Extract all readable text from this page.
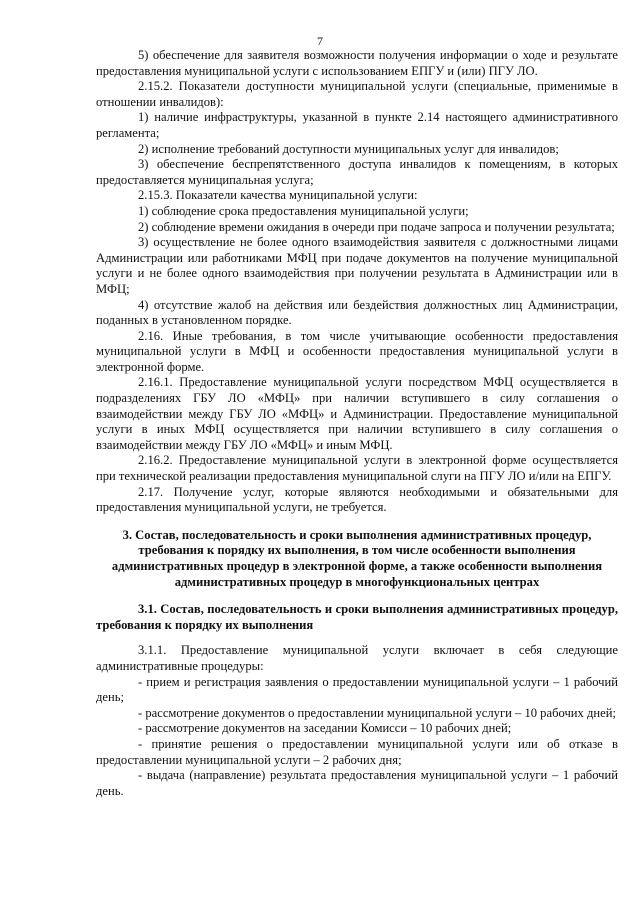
7

5) обеспечение для заявителя возможности получения информации о ходе и результате предоставления муниципальной услуги с использованием ЕПГУ и (или) ПГУ ЛО.

2.15.2. Показатели доступности муниципальной услуги (специальные, применимые в отношении инвалидов):

1) наличие инфраструктуры, указанной в пункте 2.14 настоящего административного регламента;

2) исполнение требований доступности муниципальных услуг для инвалидов;

3) обеспечение беспрепятственного доступа инвалидов к помещениям, в которых предоставляется муниципальная услуга;

2.15.3. Показатели качества муниципальной услуги:

1) соблюдение срока предоставления муниципальной услуги;

2) соблюдение времени ожидания в очереди при подаче запроса и получении результата;

3) осуществление не более одного взаимодействия заявителя с должностными лицами Администрации или работниками МФЦ при подаче документов на получение муниципальной услуги и не более одного взаимодействия при получении результата в Администрации или в МФЦ;

4) отсутствие жалоб на действия или бездействия должностных лиц Администрации, поданных в установленном порядке.

2.16. Иные требования, в том числе учитывающие особенности предоставления муниципальной услуги в МФЦ и особенности предоставления муниципальной услуги в электронной форме.

2.16.1. Предоставление муниципальной услуги посредством МФЦ осуществляется в подразделениях ГБУ ЛО «МФЦ» при наличии вступившего в силу соглашения о взаимодействии между ГБУ ЛО «МФЦ» и Администрации. Предоставление муниципальной услуги в иных МФЦ осуществляется при наличии вступившего в силу соглашения о взаимодействии между ГБУ ЛО «МФЦ» и иным МФЦ.

2.16.2. Предоставление муниципальной услуги в электронной форме осуществляется при технической реализации предоставления муниципальной слуги на ПГУ ЛО и/или на ЕПГУ.

2.17. Получение услуг, которые являются необходимыми и обязательными для предоставления муниципальной услуги, не требуется.

3. Состав, последовательность и сроки выполнения административных процедур, требования к порядку их выполнения, в том числе особенности выполнения административных процедур в электронной форме, а также особенности выполнения административных процедур в многофункциональных центрах

3.1. Состав, последовательность и сроки выполнения административных процедур, требования к порядку их выполнения

3.1.1. Предоставление муниципальной услуги включает в себя следующие административные процедуры:

- прием и регистрация заявления о предоставлении муниципальной услуги – 1 рабочий день;

- рассмотрение документов о предоставлении муниципальной услуги – 10 рабочих дней;

- рассмотрение документов на заседании Комисси – 10 рабочих дней;

- принятие решения о предоставлении муниципальной услуги или об отказе в предоставлении муниципальной услуги – 2 рабочих дня;

- выдача (направление) результата предоставления муниципальной услуги – 1 рабочий день.
